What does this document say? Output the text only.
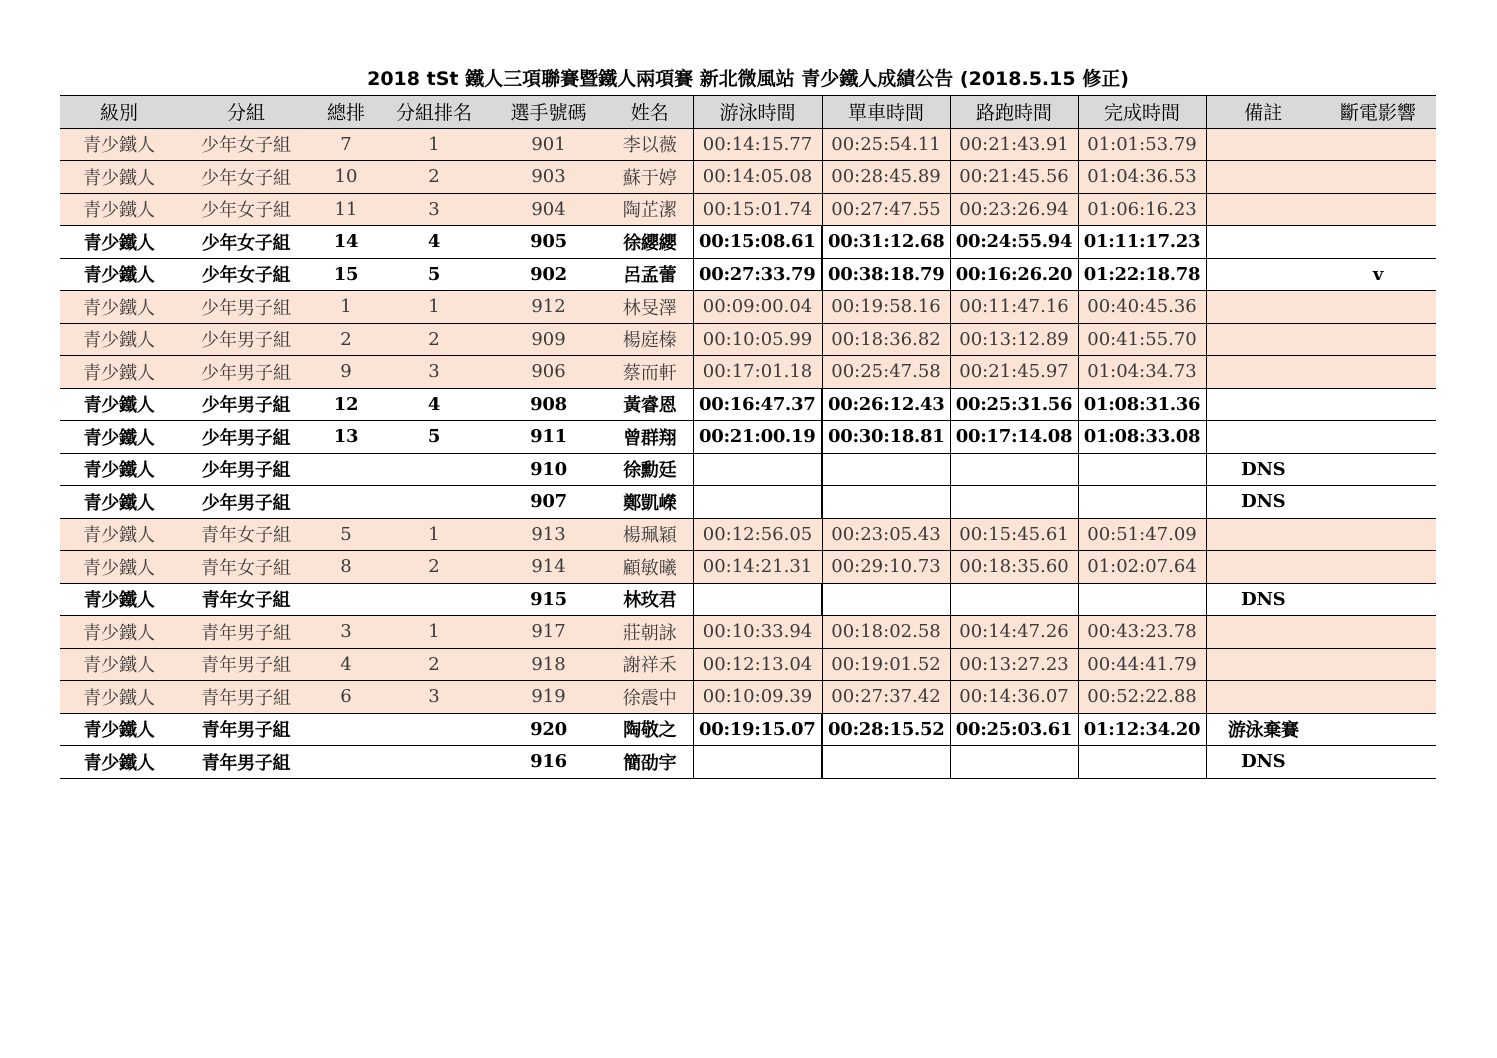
2018 tSt 鐵人三項聯賽暨鐵人兩項賽 新北微風站 青少鐵人成績公告 (2018.5.15 修正)
級別	分組	總排	分組排名	選手號碼	姓名	游泳時間	單車時間	路跑時間	完成時間	備註	斷電影響
青少鐵人	少年女子組	7	1	901	李以薇	00:14:15.77	00:25:54.11	00:21:43.91	01:01:53.79		
青少鐵人	少年女子組	10	2	903	蘇于婷	00:14:05.08	00:28:45.89	00:21:45.56	01:04:36.53		
青少鐵人	少年女子組	11	3	904	陶芷潔	00:15:01.74	00:27:47.55	00:23:26.94	01:06:16.23		
青少鐵人	少年女子組	14	4	905	徐纓纓	00:15:08.61	00:31:12.68	00:24:55.94	01:11:17.23		
青少鐵人	少年女子組	15	5	902	呂孟蕾	00:27:33.79	00:38:18.79	00:16:26.20	01:22:18.78		v
青少鐵人	少年男子組	1	1	912	林旻澤	00:09:00.04	00:19:58.16	00:11:47.16	00:40:45.36		
青少鐵人	少年男子組	2	2	909	楊庭榛	00:10:05.99	00:18:36.82	00:13:12.89	00:41:55.70		
青少鐵人	少年男子組	9	3	906	蔡而軒	00:17:01.18	00:25:47.58	00:21:45.97	01:04:34.73		
青少鐵人	少年男子組	12	4	908	黃睿恩	00:16:47.37	00:26:12.43	00:25:31.56	01:08:31.36		
青少鐵人	少年男子組	13	5	911	曾群翔	00:21:00.19	00:30:18.81	00:17:14.08	01:08:33.08		
青少鐵人	少年男子組			910	徐勳廷					DNS	
青少鐵人	少年男子組			907	鄭凱嶸					DNS	
青少鐵人	青年女子組	5	1	913	楊珮穎	00:12:56.05	00:23:05.43	00:15:45.61	00:51:47.09		
青少鐵人	青年女子組	8	2	914	顧敏曦	00:14:21.31	00:29:10.73	00:18:35.60	01:02:07.64		
青少鐵人	青年女子組			915	林玫君					DNS	
青少鐵人	青年男子組	3	1	917	莊朝詠	00:10:33.94	00:18:02.58	00:14:47.26	00:43:23.78		
青少鐵人	青年男子組	4	2	918	謝祥禾	00:12:13.04	00:19:01.52	00:13:27.23	00:44:41.79		
青少鐵人	青年男子組	6	3	919	徐震中	00:10:09.39	00:27:37.42	00:14:36.07	00:52:22.88		
青少鐵人	青年男子組			920	陶敬之	00:19:15.07	00:28:15.52	00:25:03.61	01:12:34.20	游泳棄賽	
青少鐵人	青年男子組			916	簡劭宇					DNS	
